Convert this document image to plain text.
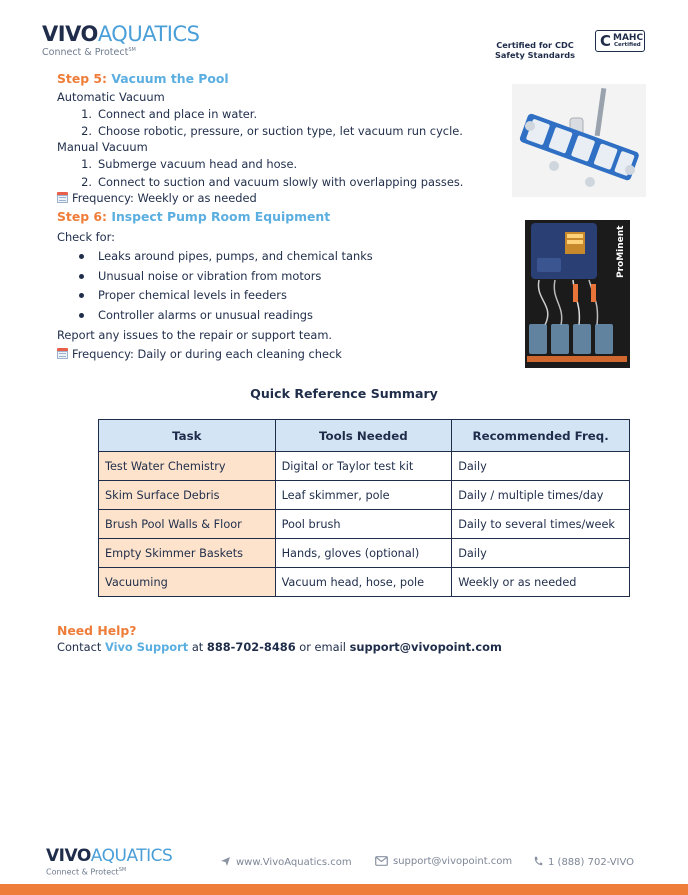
VIVOAQUATICS
Connect & Protect℠	Certified for CDC
Safety Standards
C MAHC
Certified
Step 5: Vacuum the Pool
Automatic Vacuum
1. Connect and place in water.
2. Choose robotic, pressure, or suction type, let vacuum run cycle.
Manual Vacuum
1. Submerge vacuum head and hose.
2. Connect to suction and vacuum slowly with overlapping passes.
Frequency: Weekly or as needed
Step 6: Inspect Pump Room Equipment
Check for:
Leaks around pipes, pumps, and chemical tanks
Unusual noise or vibration from motors
Proper chemical levels in feeders
Controller alarms or unusual readings
Report any issues to the repair or support team.
Frequency: Daily or during each cleaning check
ProMinent
Quick Reference Summary
Task	Tools Needed	Recommended Freq.
Test Water Chemistry	Digital or Taylor test kit	Daily
Skim Surface Debris	Leaf skimmer, pole	Daily / multiple times/day
Brush Pool Walls & Floor	Pool brush	Daily to several times/week
Empty Skimmer Baskets	Hands, gloves (optional)	Daily
Vacuuming	Vacuum head, hose, pole	Weekly or as needed
Need Help?
Contact Vivo Support at 888-702-8486 or email support@vivopoint.com
VIVOAQUATICS
Connect & Protect℠
www.VivoAquatics.com	support@vivopoint.com	1 (888) 702-VIVO
